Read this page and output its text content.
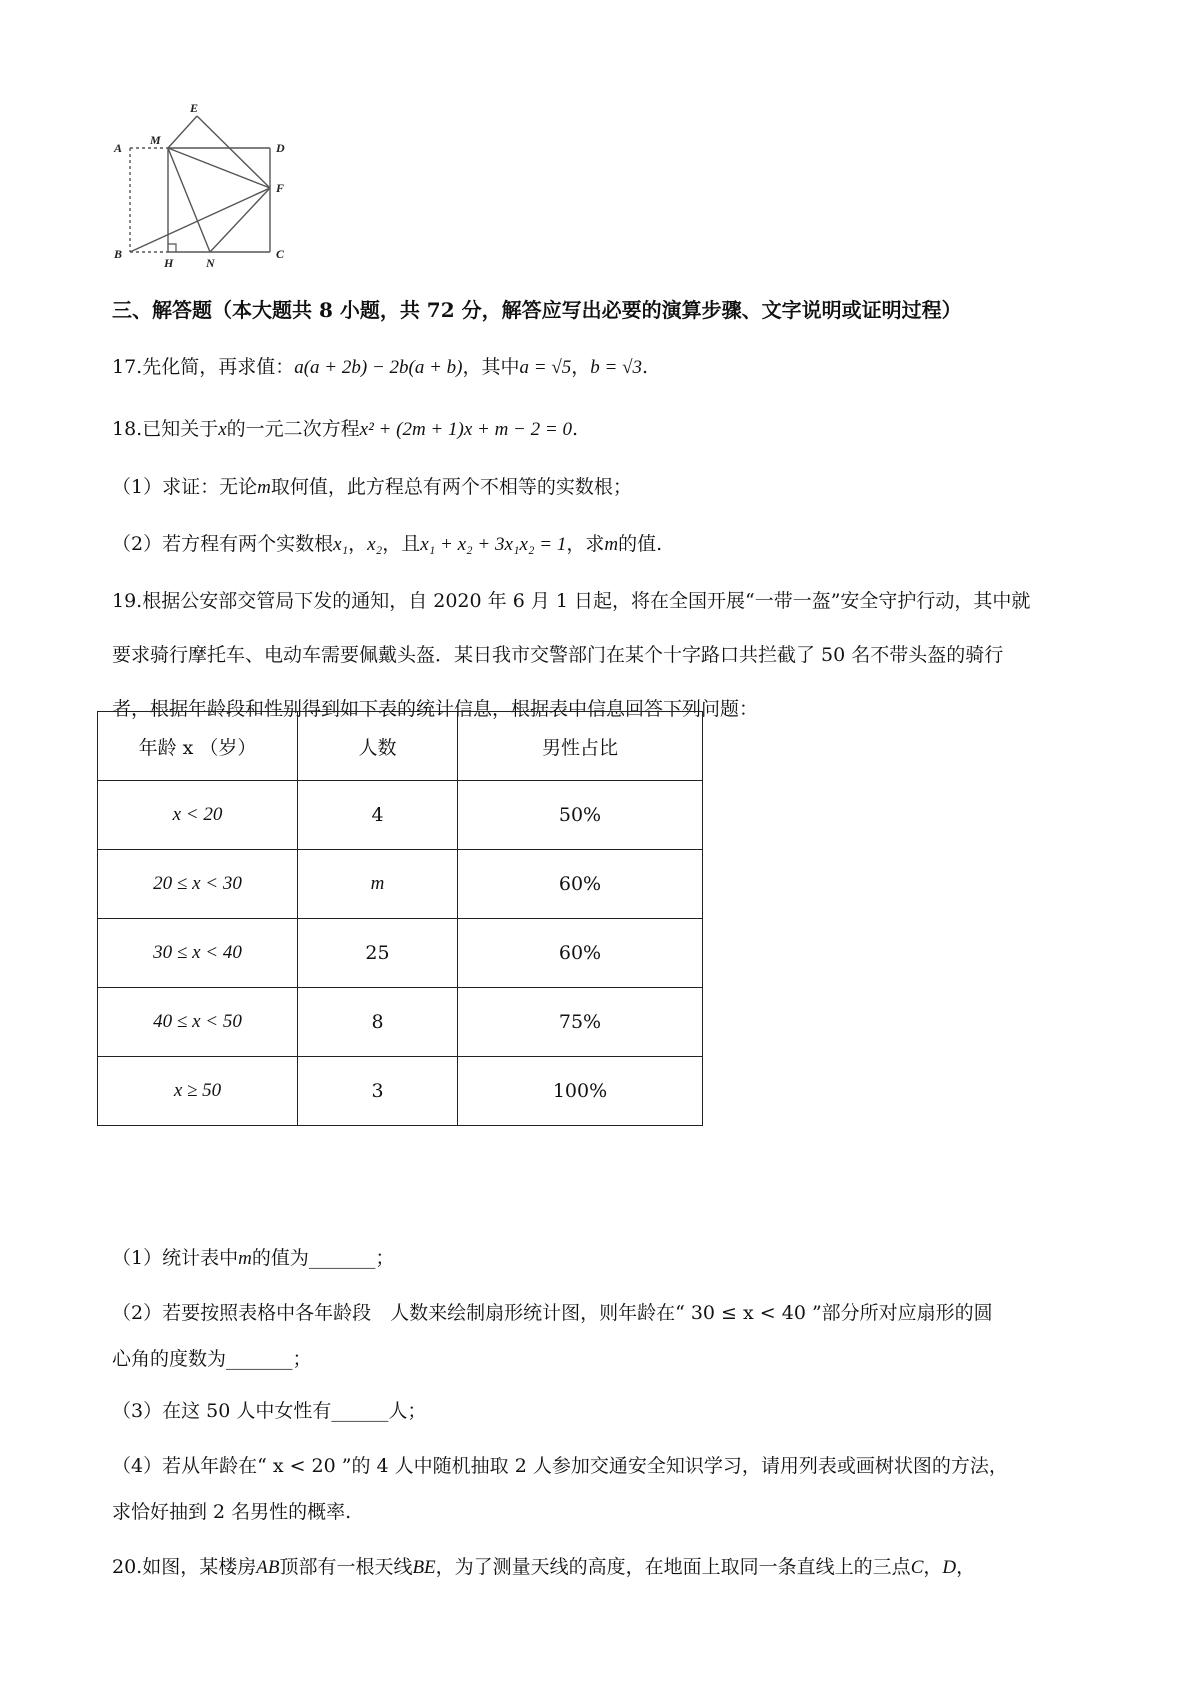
A
M
E
D
F
B
H	N
C
三、解答题（本大题共 8 小题，共 72 分，解答应写出必要的演算步骤、文字说明或证明过程）
17.先化简，再求值：a(a + 2b) − 2b(a + b)，其中a = √5，b = √3.
18.已知关于x的一元二次方程x² + (2m + 1)x + m − 2 = 0.
（1）求证：无论m取何值，此方程总有两个不相等的实数根；
（2）若方程有两个实数根x₁，x₂，且x₁ + x₂ + 3x₁x₂ = 1，求m的值.
19.根据公安部交管局下发的通知，自 2020 年 6 月 1 日起，将在全国开展“一带一盔”安全守护行动，其中就
要求骑行摩托车、电动车需要佩戴头盔．某日我市交警部门在某个十字路口共拦截了 50 名不带头盔的骑行
者，根据年龄段和性别得到如下表的统计信息，根据表中信息回答下列问题：
年龄 x （岁）	人数	男性占比
x < 20	4	50%
20 ≤ x < 30	m	60%
30 ≤ x < 40	25	60%
40 ≤ x < 50	8	75%
x ≥ 50	3	100%
（1）统计表中m的值为_______；
（2）若要按照表格中各年龄段　人数来绘制扇形统计图，则年龄在“ 30 ≤ x < 40 ”部分所对应扇形的圆
心角的度数为_______；
（3）在这 50 人中女性有______人；
（4）若从年龄在“ x < 20 ”的 4 人中随机抽取 2 人参加交通安全知识学习，请用列表或画树状图的方法，
求恰好抽到 2 名男性的概率.
20.如图，某楼房AB顶部有一根天线BE，为了测量天线的高度，在地面上取同一条直线上的三点C，D，
